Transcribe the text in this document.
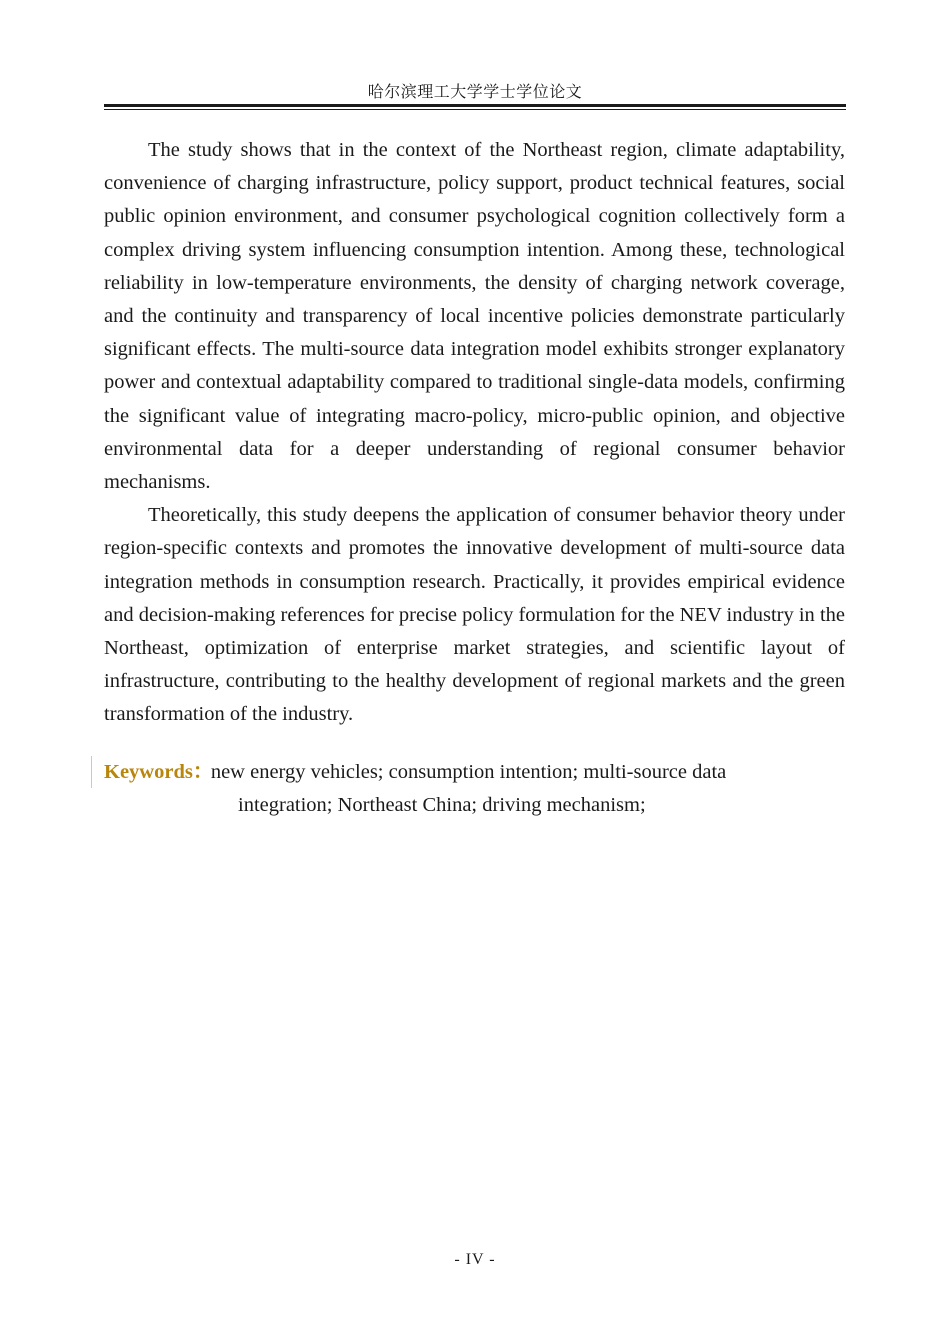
哈尔滨理工大学学士学位论文

The study shows that in the context of the Northeast region, climate adaptability, convenience of charging infrastructure, policy support, product technical features, social public opinion environment, and consumer psychological cognition collectively form a complex driving system influencing consumption intention. Among these, technological reliability in low-temperature environments, the density of charging network coverage, and the continuity and transparency of local incentive policies demonstrate particularly significant effects. The multi-source data integration model exhibits stronger explanatory power and contextual adaptability compared to traditional single-data models, confirming the significant value of integrating macro-policy, micro-public opinion, and objective environmental data for a deeper understanding of regional consumer behavior mechanisms.

Theoretically, this study deepens the application of consumer behavior theory under region-specific contexts and promotes the innovative development of multi-source data integration methods in consumption research. Practically, it provides empirical evidence and decision-making references for precise policy formulation for the NEV industry in the Northeast, optimization of enterprise market strategies, and scientific layout of infrastructure, contributing to the healthy development of regional markets and the green transformation of the industry.

Keywords：new energy vehicles; consumption intention; multi-source data
integration; Northeast China; driving mechanism;
- IV -
